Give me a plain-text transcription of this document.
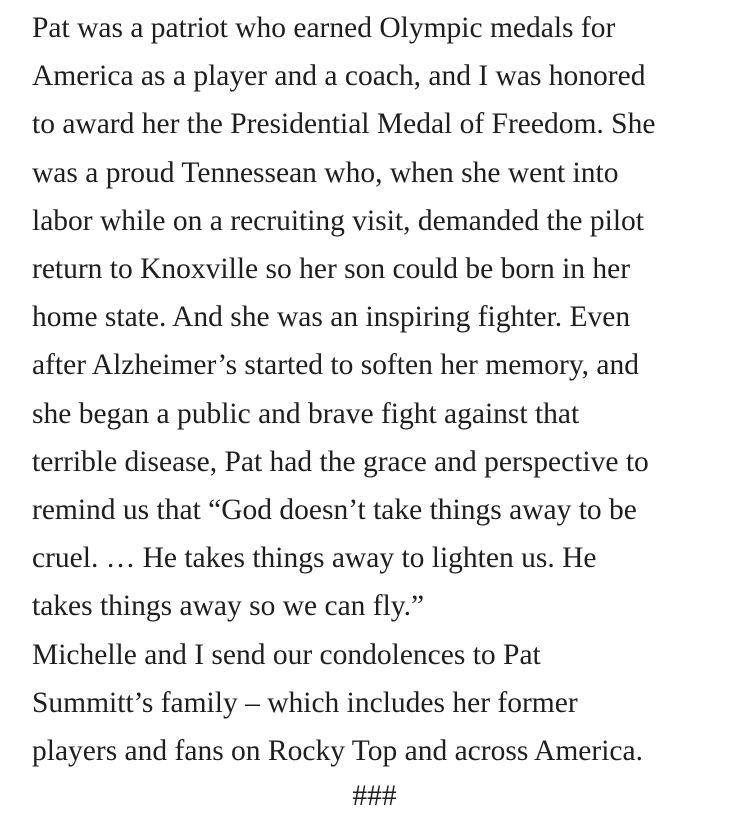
Pat was a patriot who earned Olympic medals for
America as a player and a coach, and I was honored
to award her the Presidential Medal of Freedom. She
was a proud Tennessean who, when she went into
labor while on a recruiting visit, demanded the pilot
return to Knoxville so her son could be born in her
home state. And she was an inspiring fighter. Even
after Alzheimer’s started to soften her memory, and
she began a public and brave fight against that
terrible disease, Pat had the grace and perspective to
remind us that “God doesn’t take things away to be
cruel. … He takes things away to lighten us. He
takes things away so we can fly.”
Michelle and I send our condolences to Pat
Summitt’s family – which includes her former
players and fans on Rocky Top and across America.
###
